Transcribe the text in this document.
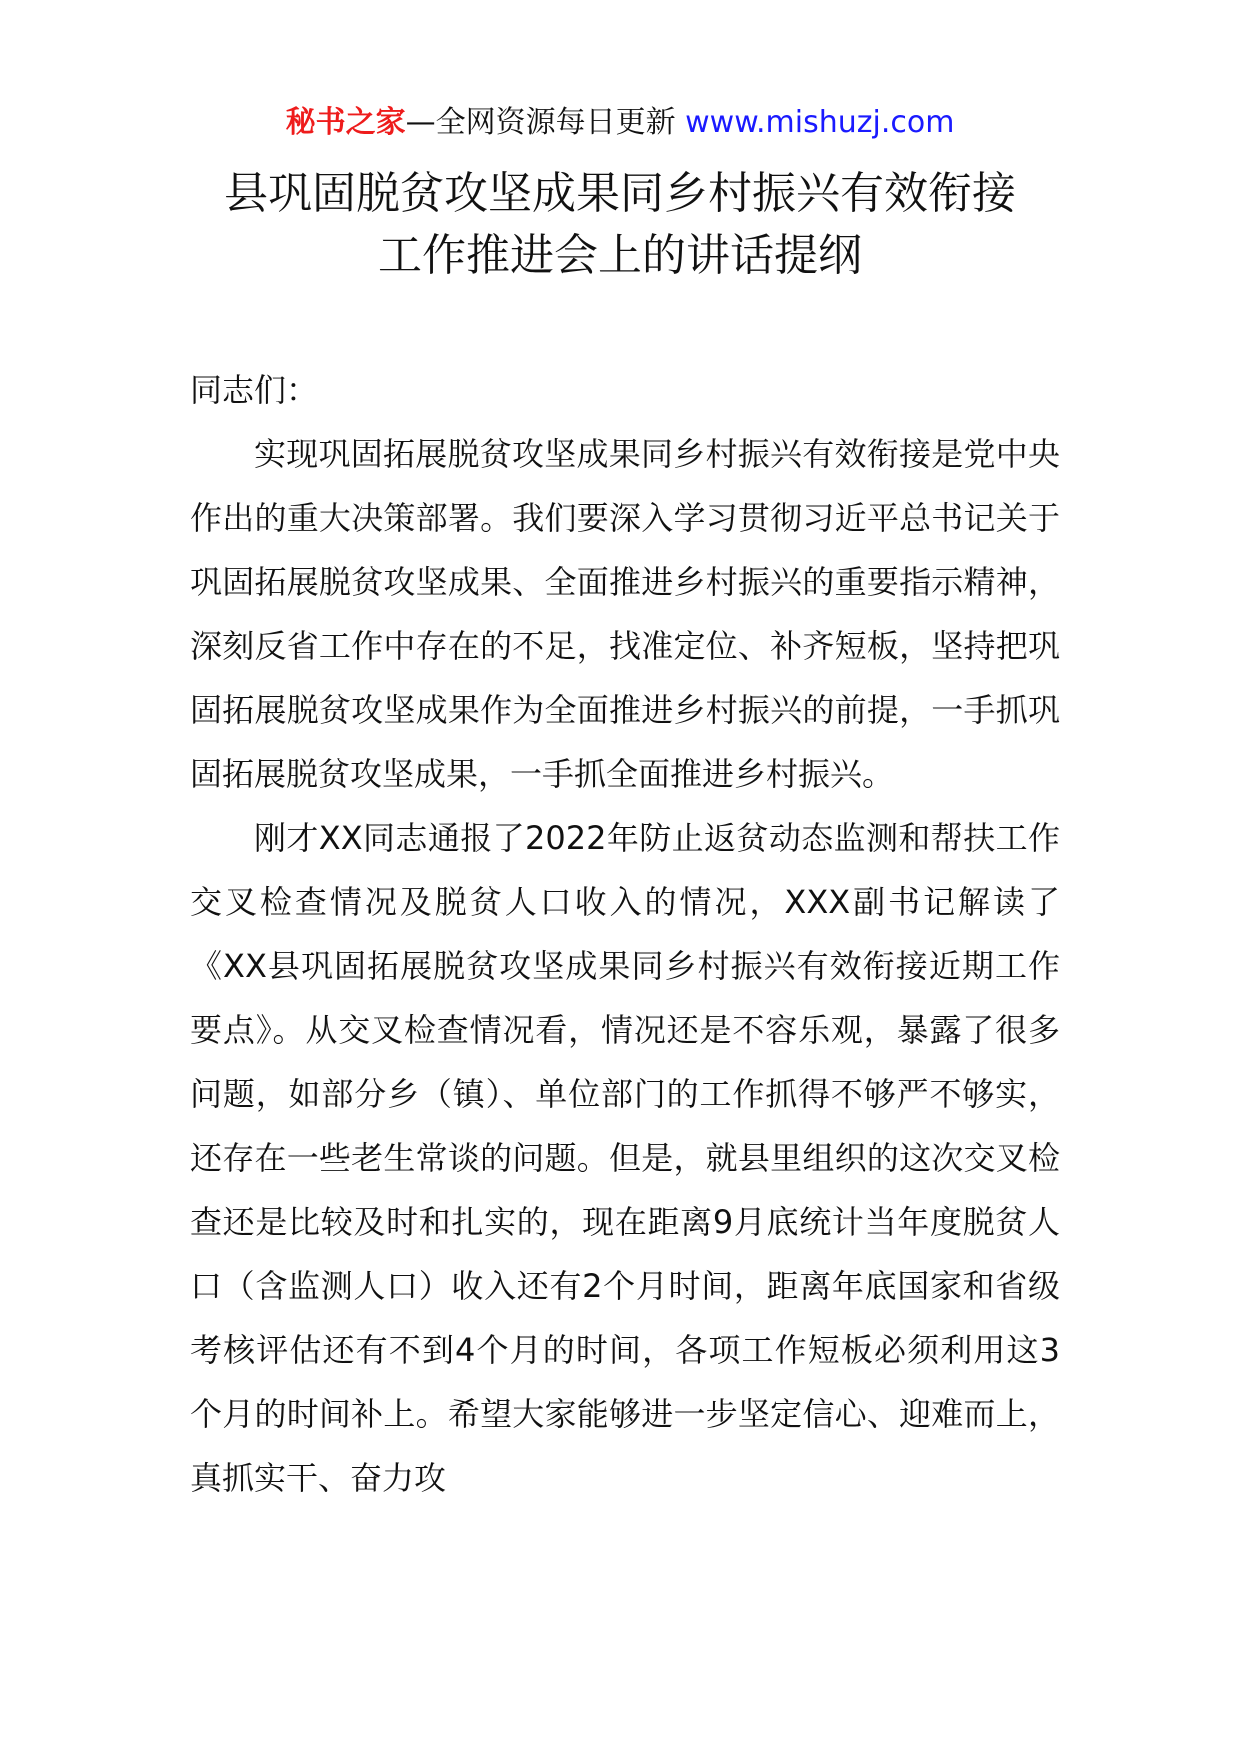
秘书之家—全网资源每日更新 www.mishuzj.com
县巩固脱贫攻坚成果同乡村振兴有效衔接
工作推进会上的讲话提纲

同志们：

实现巩固拓展脱贫攻坚成果同乡村振兴有效衔接是党中央作出的重大决策部署。我们要深入学习贯彻习近平总书记关于巩固拓展脱贫攻坚成果、全面推进乡村振兴的重要指示精神，深刻反省工作中存在的不足，找准定位、补齐短板，坚持把巩固拓展脱贫攻坚成果作为全面推进乡村振兴的前提，一手抓巩固拓展脱贫攻坚成果，一手抓全面推进乡村振兴。

刚才XX同志通报了2022年防止返贫动态监测和帮扶工作交叉检查情况及脱贫人口收入的情况，XXX副书记解读了《XX县巩固拓展脱贫攻坚成果同乡村振兴有效衔接近期工作要点》。从交叉检查情况看，情况还是不容乐观，暴露了很多问题，如部分乡（镇）、单位部门的工作抓得不够严不够实，还存在一些老生常谈的问题。但是，就县里组织的这次交叉检查还是比较及时和扎实的，现在距离9月底统计当年度脱贫人口（含监测人口）收入还有2个月时间，距离年底国家和省级考核评估还有不到4个月的时间，各项工作短板必须利用这3个月的时间补上。希望大家能够进一步坚定信心、迎难而上，真抓实干、奋力攻
